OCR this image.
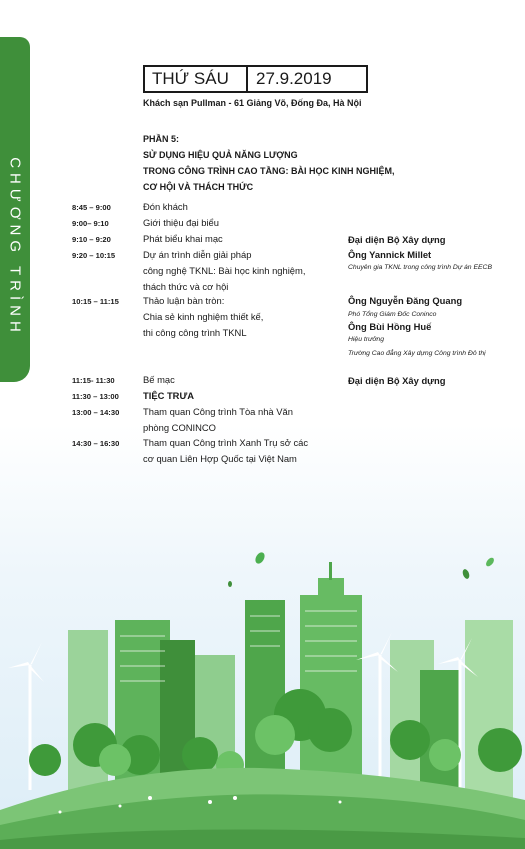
CHƯƠNG TRÌNH
THỨ SÁU	27.9.2019
Khách sạn Pullman - 61 Giảng Võ, Đống Đa, Hà Nội
PHẦN 5:
SỬ DỤNG HIỆU QUẢ NĂNG LƯỢNG
TRONG CÔNG TRÌNH CAO TẦNG: BÀI HỌC KINH NGHIỆM,
CƠ HỘI VÀ THÁCH THỨC
8:45 – 9:00
9:00– 9:10
9:10 – 9:20
9:20 – 10:15
10:15 – 11:15
11:15- 11:30
11:30 – 13:00
13:00 – 14:30
14:30 – 16:30
Đón khách
Giới thiệu đại biểu
Phát biểu khai mạc
Dự án trình diễn giải pháp
công nghệ TKNL: Bài học kinh nghiệm,
thách thức và cơ hội
Thảo luận bàn tròn:
Chia sẻ kinh nghiệm thiết kế,
thi công công trình TKNL
Bế mạc
TIỆC TRƯA
Tham quan Công trình Tòa nhà Văn
phòng CONINCO
Tham quan Công trình Xanh Trụ sở các
cơ quan Liên Hợp Quốc tại Việt Nam
Đại diện Bộ Xây dựng
Ông Yannick Millet
Chuyên gia TKNL trong công trình Dự án EECB
Ông Nguyễn Đăng Quang
Phó Tổng Giám Đốc Coninco
Ông Bùi Hồng Huế
Hiệu trưởng
Trường Cao đẳng Xây dựng Công trình Đô thị
Đại diện Bộ Xây dựng
